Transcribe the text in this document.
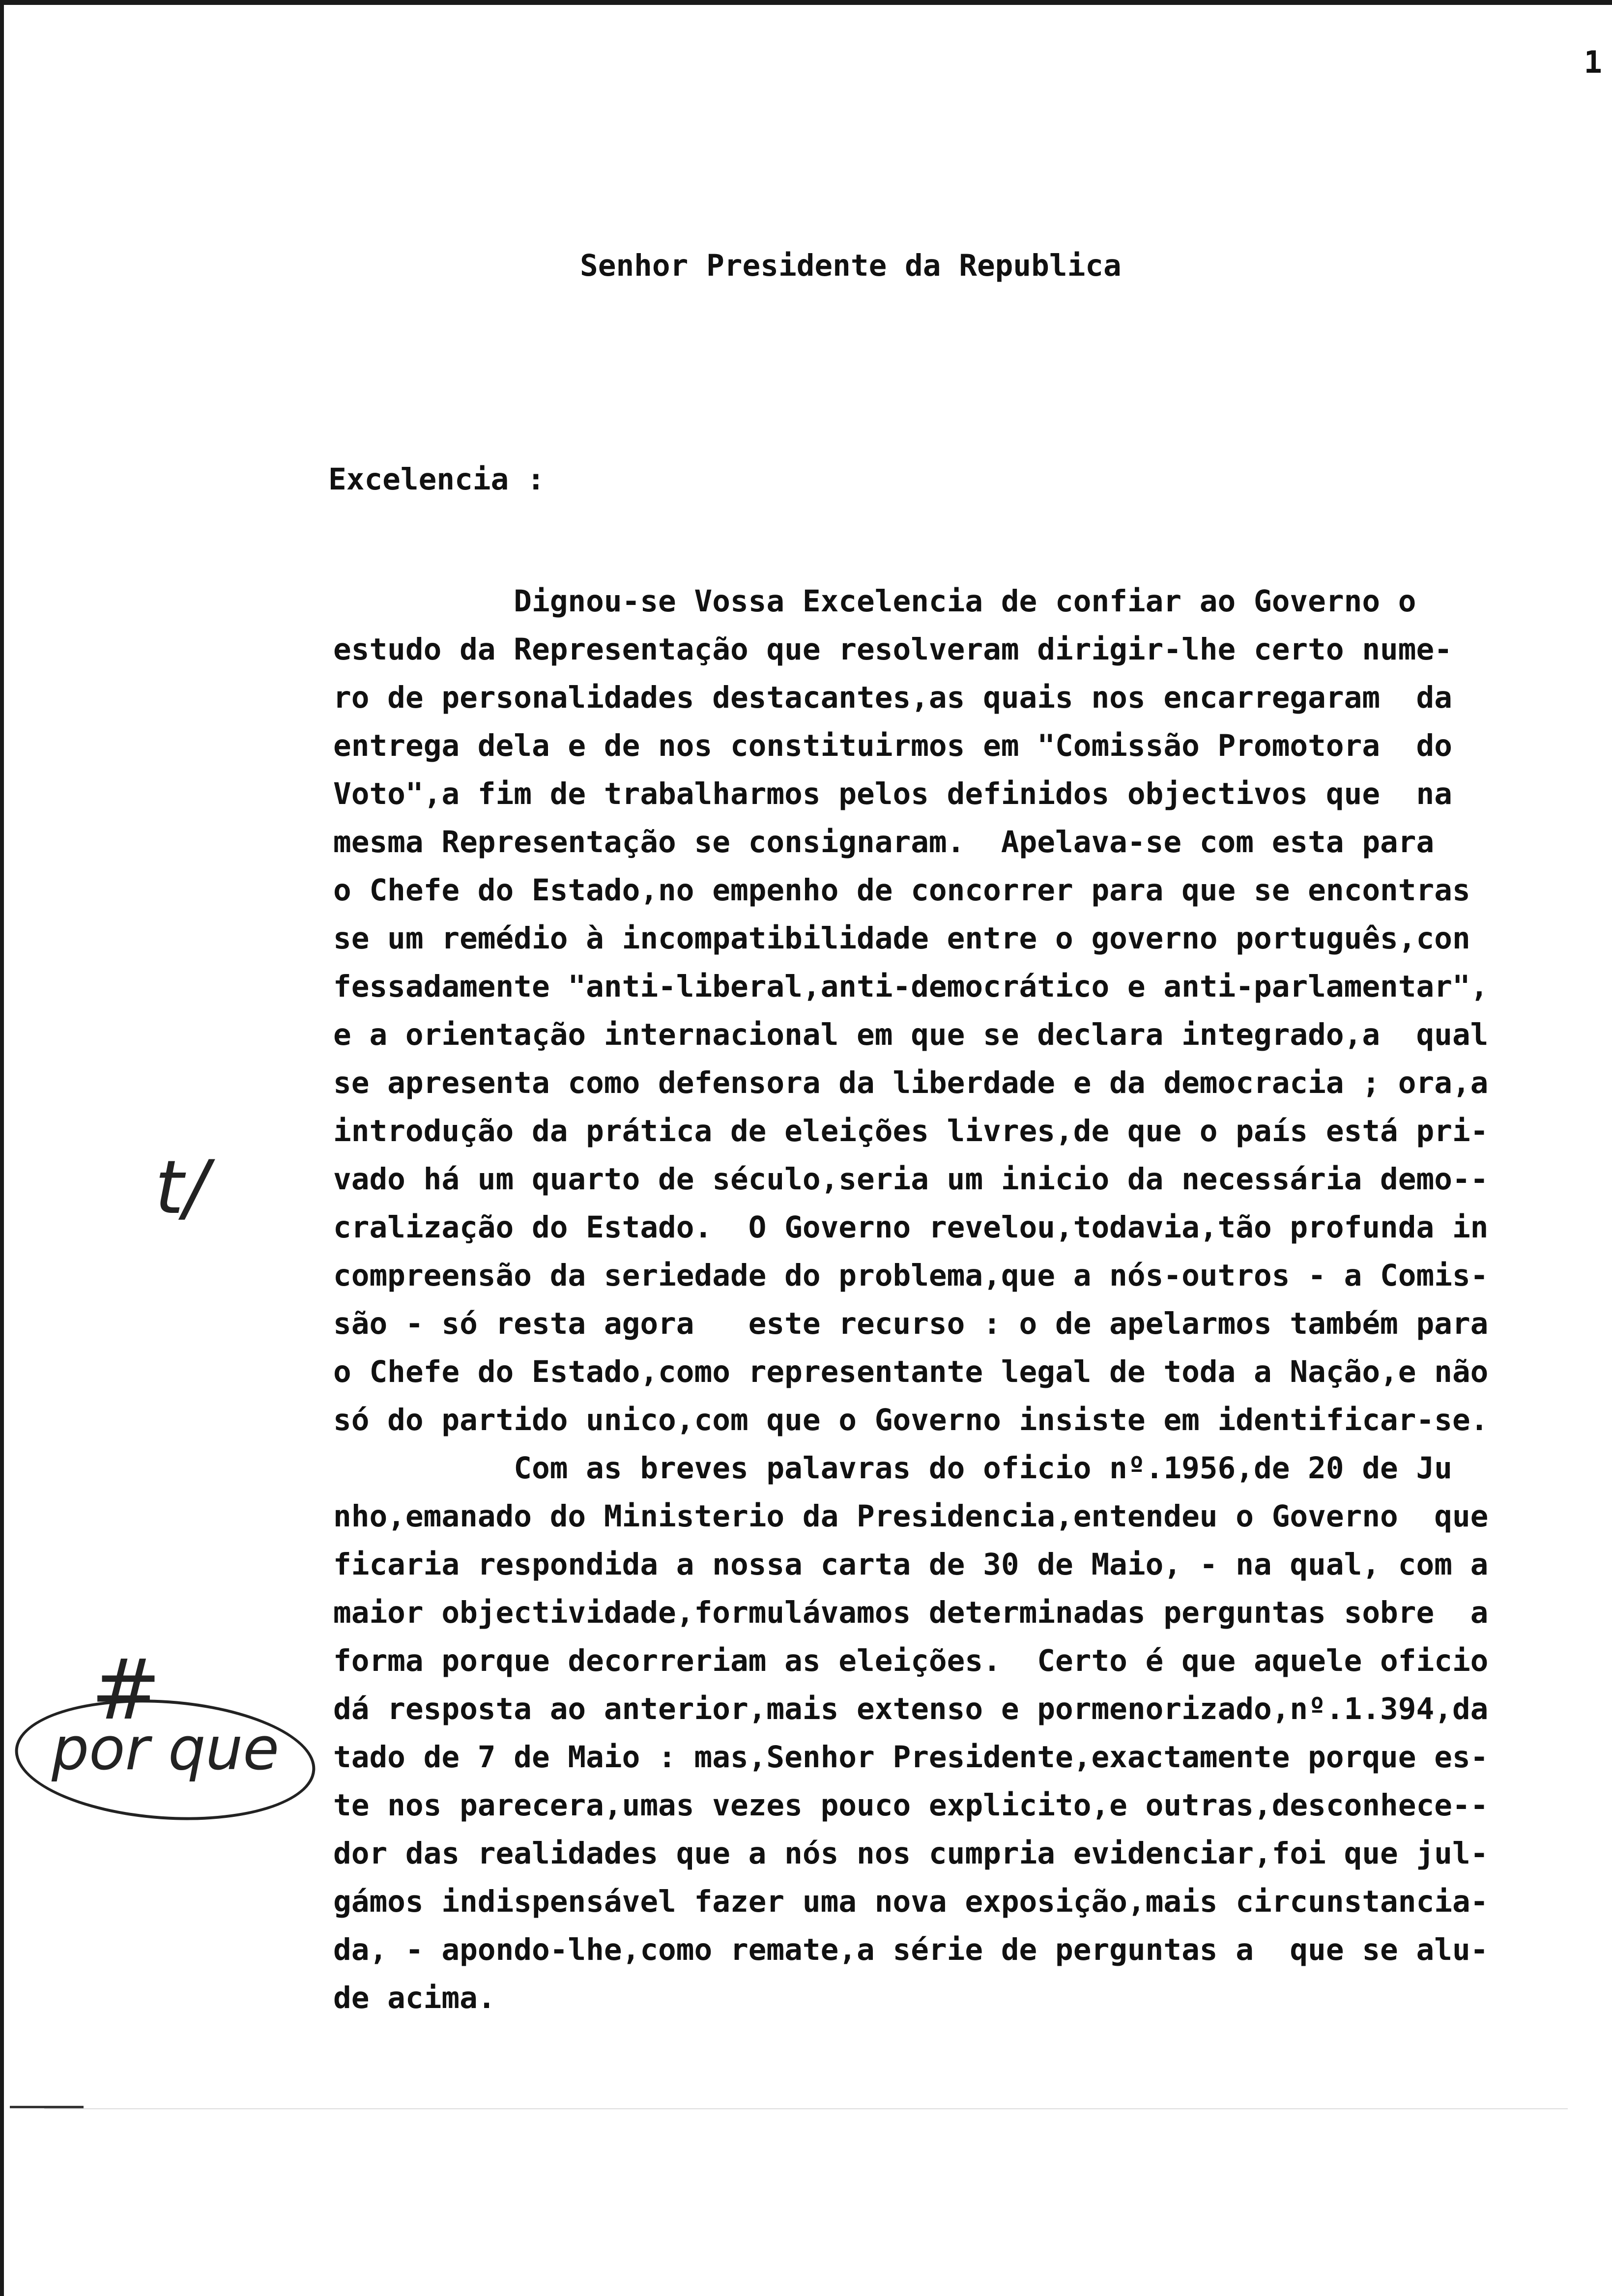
1
Senhor Presidente da Republica
Excelencia :
Dignou-se Vossa Excelencia de confiar ao Governo o
estudo da Representação que resolveram dirigir-lhe certo nume-
ro de personalidades destacantes,as quais nos encarregaram  da
entrega dela e de nos constituirmos em "Comissão Promotora  do
Voto",a fim de trabalharmos pelos definidos objectivos que  na
mesma Representação se consignaram.  Apelava-se com esta para
o Chefe do Estado,no empenho de concorrer para que se encontras
se um remédio à incompatibilidade entre o governo português,con
fessadamente "anti-liberal,anti-democrático e anti-parlamentar",
e a orientação internacional em que se declara integrado,a  qual
se apresenta como defensora da liberdade e da democracia ; ora,a
introdução da prática de eleições livres,de que o país está pri-
vado há um quarto de século,seria um inicio da necessária demo--
cralização do Estado.  O Governo revelou,todavia,tão profunda in
compreensão da seriedade do problema,que a nós-outros - a Comis-
são - só resta agora   este recurso : o de apelarmos também para
o Chefe do Estado,como representante legal de toda a Nação,e não
só do partido unico,com que o Governo insiste em identificar-se.
Com as breves palavras do oficio nº.1956,de 20 de Ju
nho,emanado do Ministerio da Presidencia,entendeu o Governo  que
ficaria respondida a nossa carta de 30 de Maio, - na qual, com a
maior objectividade,formulávamos determinadas perguntas sobre  a
forma porque decorreriam as eleições.  Certo é que aquele oficio
dá resposta ao anterior,mais extenso e pormenorizado,nº.1.394,da
tado de 7 de Maio : mas,Senhor Presidente,exactamente porque es-
te nos parecera,umas vezes pouco explicito,e outras,desconhece--
dor das realidades que a nós nos cumpria evidenciar,foi que jul-
gámos indispensável fazer uma nova exposição,mais circunstancia-
da, - apondo-lhe,como remate,a série de perguntas a  que se alu-
de acima.
t/
#
por que
